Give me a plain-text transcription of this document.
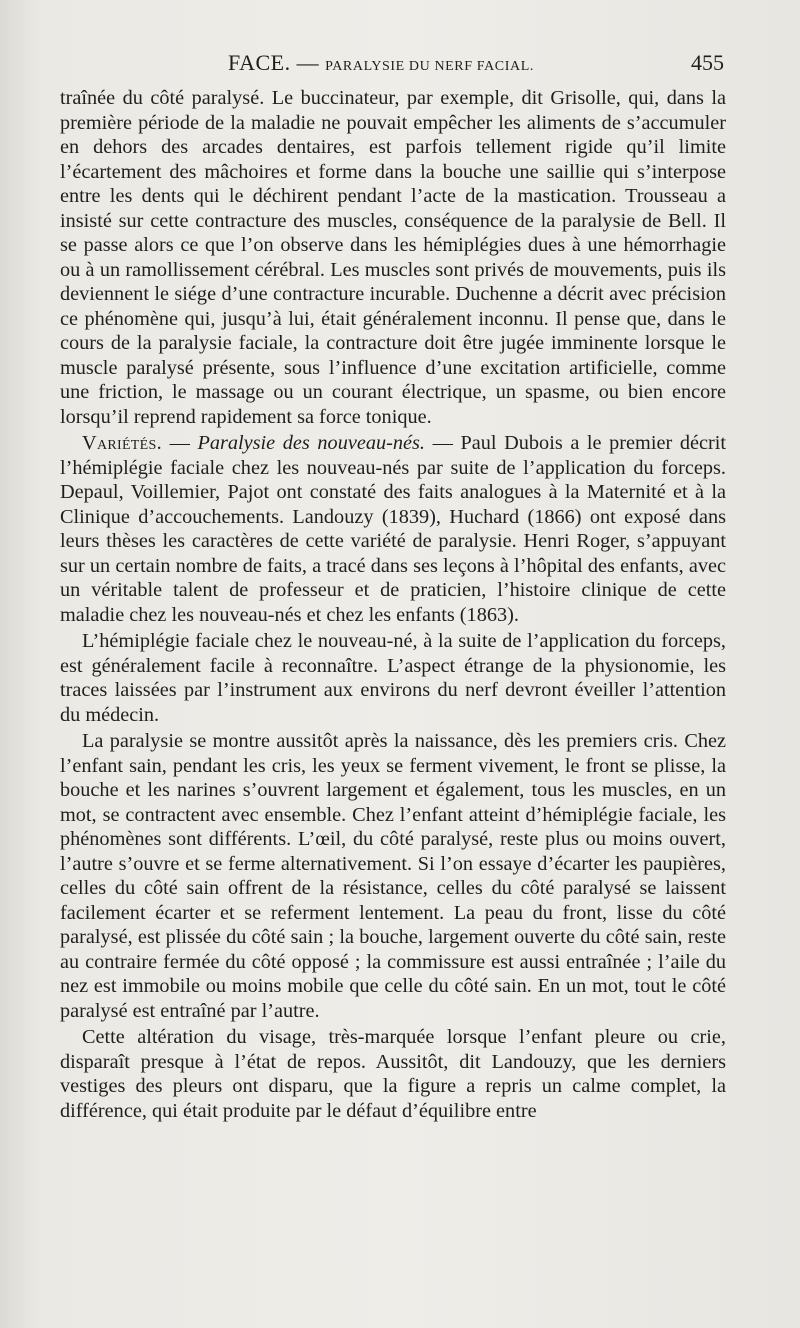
FACE. — PARALYSIE DU NERF FACIAL.	455

traînée du côté paralysé. Le buccinateur, par exemple, dit Grisolle, qui, dans la première période de la maladie ne pouvait empêcher les aliments de s’accumuler en dehors des arcades dentaires, est parfois tellement rigide qu’il limite l’écartement des mâchoires et forme dans la bouche une saillie qui s’interpose entre les dents qui le déchirent pendant l’acte de la mastication. Trousseau a insisté sur cette contracture des muscles, conséquence de la paralysie de Bell. Il se passe alors ce que l’on observe dans les hémiplégies dues à une hémorrhagie ou à un ramollissement cérébral. Les muscles sont privés de mouvements, puis ils deviennent le siége d’une contracture incurable. Duchenne a décrit avec précision ce phénomène qui, jusqu’à lui, était généralement inconnu. Il pense que, dans le cours de la paralysie faciale, la contracture doit être jugée imminente lorsque le muscle paralysé présente, sous l’influence d’une excitation artificielle, comme une friction, le massage ou un courant électrique, un spasme, ou bien encore lorsqu’il reprend rapidement sa force tonique.

Variétés. — Paralysie des nouveau-nés. — Paul Dubois a le premier décrit l’hémiplégie faciale chez les nouveau-nés par suite de l’application du forceps. Depaul, Voillemier, Pajot ont constaté des faits analogues à la Maternité et à la Clinique d’accouchements. Landouzy (1839), Huchard (1866) ont exposé dans leurs thèses les caractères de cette variété de paralysie. Henri Roger, s’appuyant sur un certain nombre de faits, a tracé dans ses leçons à l’hôpital des enfants, avec un véritable talent de professeur et de praticien, l’histoire clinique de cette maladie chez les nouveau-nés et chez les enfants (1863).

L’hémiplégie faciale chez le nouveau-né, à la suite de l’application du forceps, est généralement facile à reconnaître. L’aspect étrange de la physionomie, les traces laissées par l’instrument aux environs du nerf devront éveiller l’attention du médecin.

La paralysie se montre aussitôt après la naissance, dès les premiers cris. Chez l’enfant sain, pendant les cris, les yeux se ferment vivement, le front se plisse, la bouche et les narines s’ouvrent largement et également, tous les muscles, en un mot, se contractent avec ensemble. Chez l’enfant atteint d’hémiplégie faciale, les phénomènes sont différents. L’œil, du côté paralysé, reste plus ou moins ouvert, l’autre s’ouvre et se ferme alternativement. Si l’on essaye d’écarter les paupières, celles du côté sain offrent de la résistance, celles du côté paralysé se laissent facilement écarter et se referment lentement. La peau du front, lisse du côté paralysé, est plissée du côté sain ; la bouche, largement ouverte du côté sain, reste au contraire fermée du côté opposé ; la commissure est aussi entraînée ; l’aile du nez est immobile ou moins mobile que celle du côté sain. En un mot, tout le côté paralysé est entraîné par l’autre.

Cette altération du visage, très-marquée lorsque l’enfant pleure ou crie, disparaît presque à l’état de repos. Aussitôt, dit Landouzy, que les derniers vestiges des pleurs ont disparu, que la figure a repris un calme complet, la différence, qui était produite par le défaut d’équilibre entre
